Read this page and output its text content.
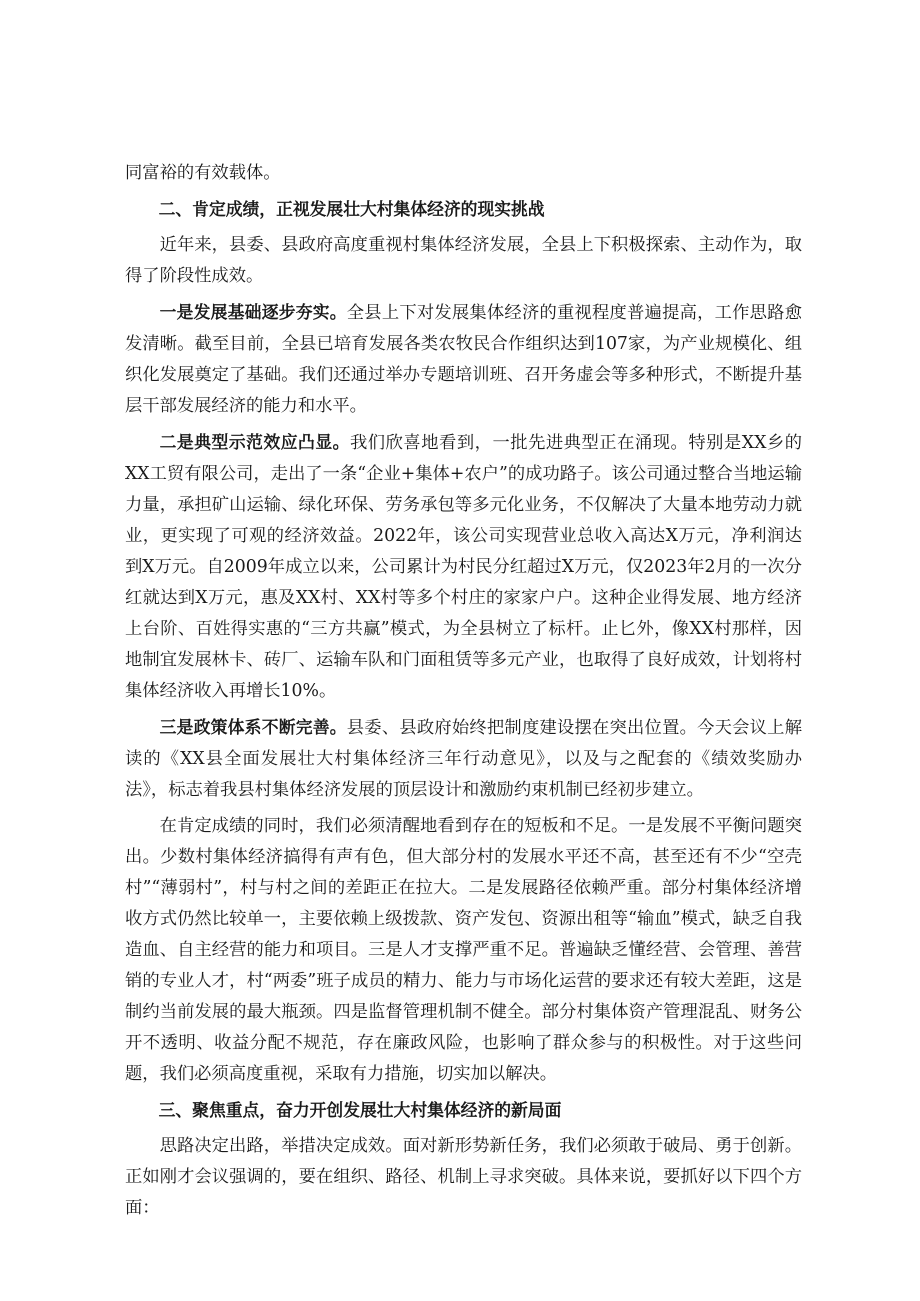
同富裕的有效载体。

二、肯定成绩，正视发展壮大村集体经济的现实挑战

近年来，县委、县政府高度重视村集体经济发展，全县上下积极探索、主动作为，取得了阶段性成效。

一是发展基础逐步夯实。全县上下对发展集体经济的重视程度普遍提高，工作思路愈发清晰。截至目前，全县已培育发展各类农牧民合作组织达到107家，为产业规模化、组织化发展奠定了基础。我们还通过举办专题培训班、召开务虚会等多种形式，不断提升基层干部发展经济的能力和水平。

二是典型示范效应凸显。我们欣喜地看到，一批先进典型正在涌现。特别是XX乡的XX工贸有限公司，走出了一条“企业+集体+农户”的成功路子。该公司通过整合当地运输力量，承担矿山运输、绿化环保、劳务承包等多元化业务，不仅解决了大量本地劳动力就业，更实现了可观的经济效益。2022年，该公司实现营业总收入高达X万元，净利润达到X万元。自2009年成立以来，公司累计为村民分红超过X万元，仅2023年2月的一次分红就达到X万元，惠及XX村、XX村等多个村庄的家家户户。这种企业得发展、地方经济上台阶、百姓得实惠的“三方共赢”模式，为全县树立了标杆。止匕外，像XX村那样，因地制宜发展林卡、砖厂、运输车队和门面租赁等多元产业，也取得了良好成效，计划将村集体经济收入再增长10%。

三是政策体系不断完善。县委、县政府始终把制度建设摆在突出位置。今天会议上解读的《XX县全面发展壮大村集体经济三年行动意见》，以及与之配套的《绩效奖励办法》，标志着我县村集体经济发展的顶层设计和激励约束机制已经初步建立。

在肯定成绩的同时，我们必须清醒地看到存在的短板和不足。一是发展不平衡问题突出。少数村集体经济搞得有声有色，但大部分村的发展水平还不高，甚至还有不少“空壳村”“薄弱村”，村与村之间的差距正在拉大。二是发展路径依赖严重。部分村集体经济增收方式仍然比较单一，主要依赖上级拨款、资产发包、资源出租等“输血”模式，缺乏自我造血、自主经营的能力和项目。三是人才支撑严重不足。普遍缺乏懂经营、会管理、善营销的专业人才，村“两委”班子成员的精力、能力与市场化运营的要求还有较大差距，这是制约当前发展的最大瓶颈。四是监督管理机制不健全。部分村集体资产管理混乱、财务公开不透明、收益分配不规范，存在廉政风险，也影响了群众参与的积极性。对于这些问题，我们必须高度重视，采取有力措施，切实加以解决。

三、聚焦重点，奋力开创发展壮大村集体经济的新局面

思路决定出路，举措决定成效。面对新形势新任务，我们必须敢于破局、勇于创新。正如刚才会议强调的，要在组织、路径、机制上寻求突破。具体来说，要抓好以下四个方面：
